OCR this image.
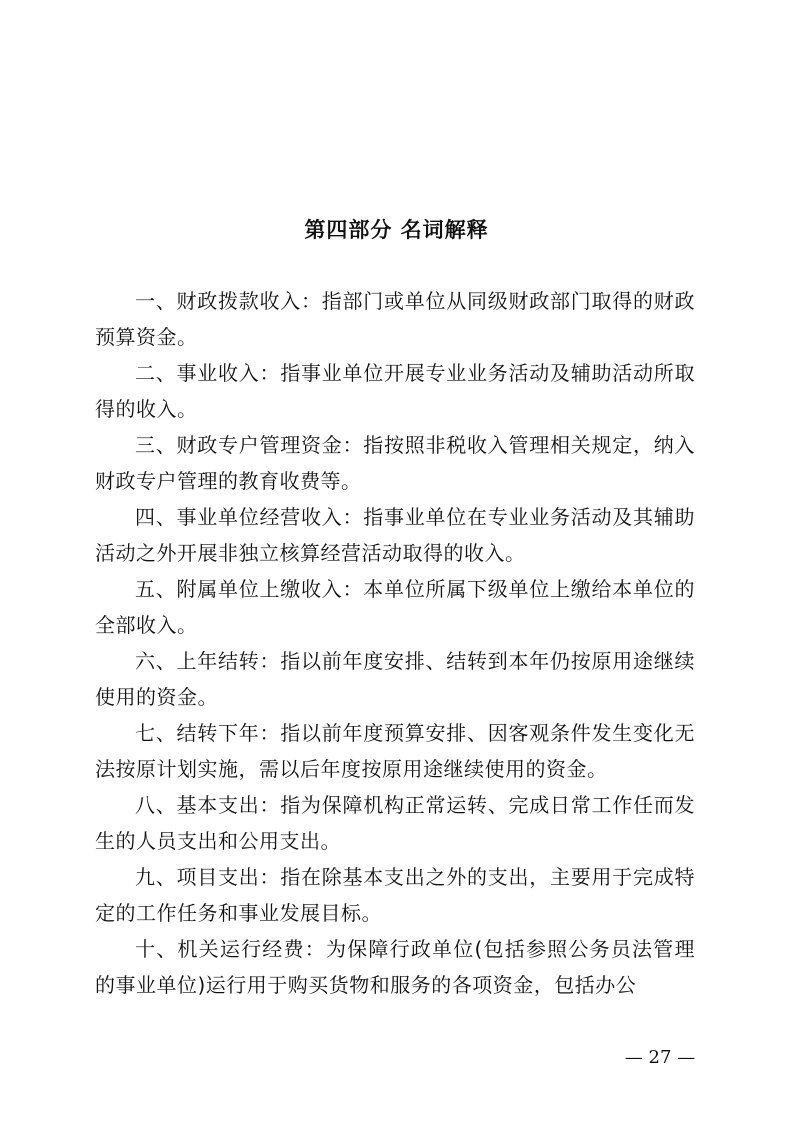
第四部分 名词解释

一、财政拨款收入：指部门或单位从同级财政部门取得的财政预算资金。

二、事业收入：指事业单位开展专业业务活动及辅助活动所取得的收入。

三、财政专户管理资金：指按照非税收入管理相关规定，纳入财政专户管理的教育收费等。

四、事业单位经营收入：指事业单位在专业业务活动及其辅助活动之外开展非独立核算经营活动取得的收入。

五、附属单位上缴收入：本单位所属下级单位上缴给本单位的全部收入。

六、上年结转：指以前年度安排、结转到本年仍按原用途继续使用的资金。

七、结转下年：指以前年度预算安排、因客观条件发生变化无法按原计划实施，需以后年度按原用途继续使用的资金。

八、基本支出：指为保障机构正常运转、完成日常工作任而发生的人员支出和公用支出。

九、项目支出：指在除基本支出之外的支出，主要用于完成特定的工作任务和事业发展目标。

十、机关运行经费：为保障行政单位(包括参照公务员法管理的事业单位)运行用于购买货物和服务的各项资金，包括办公

— 27 —
